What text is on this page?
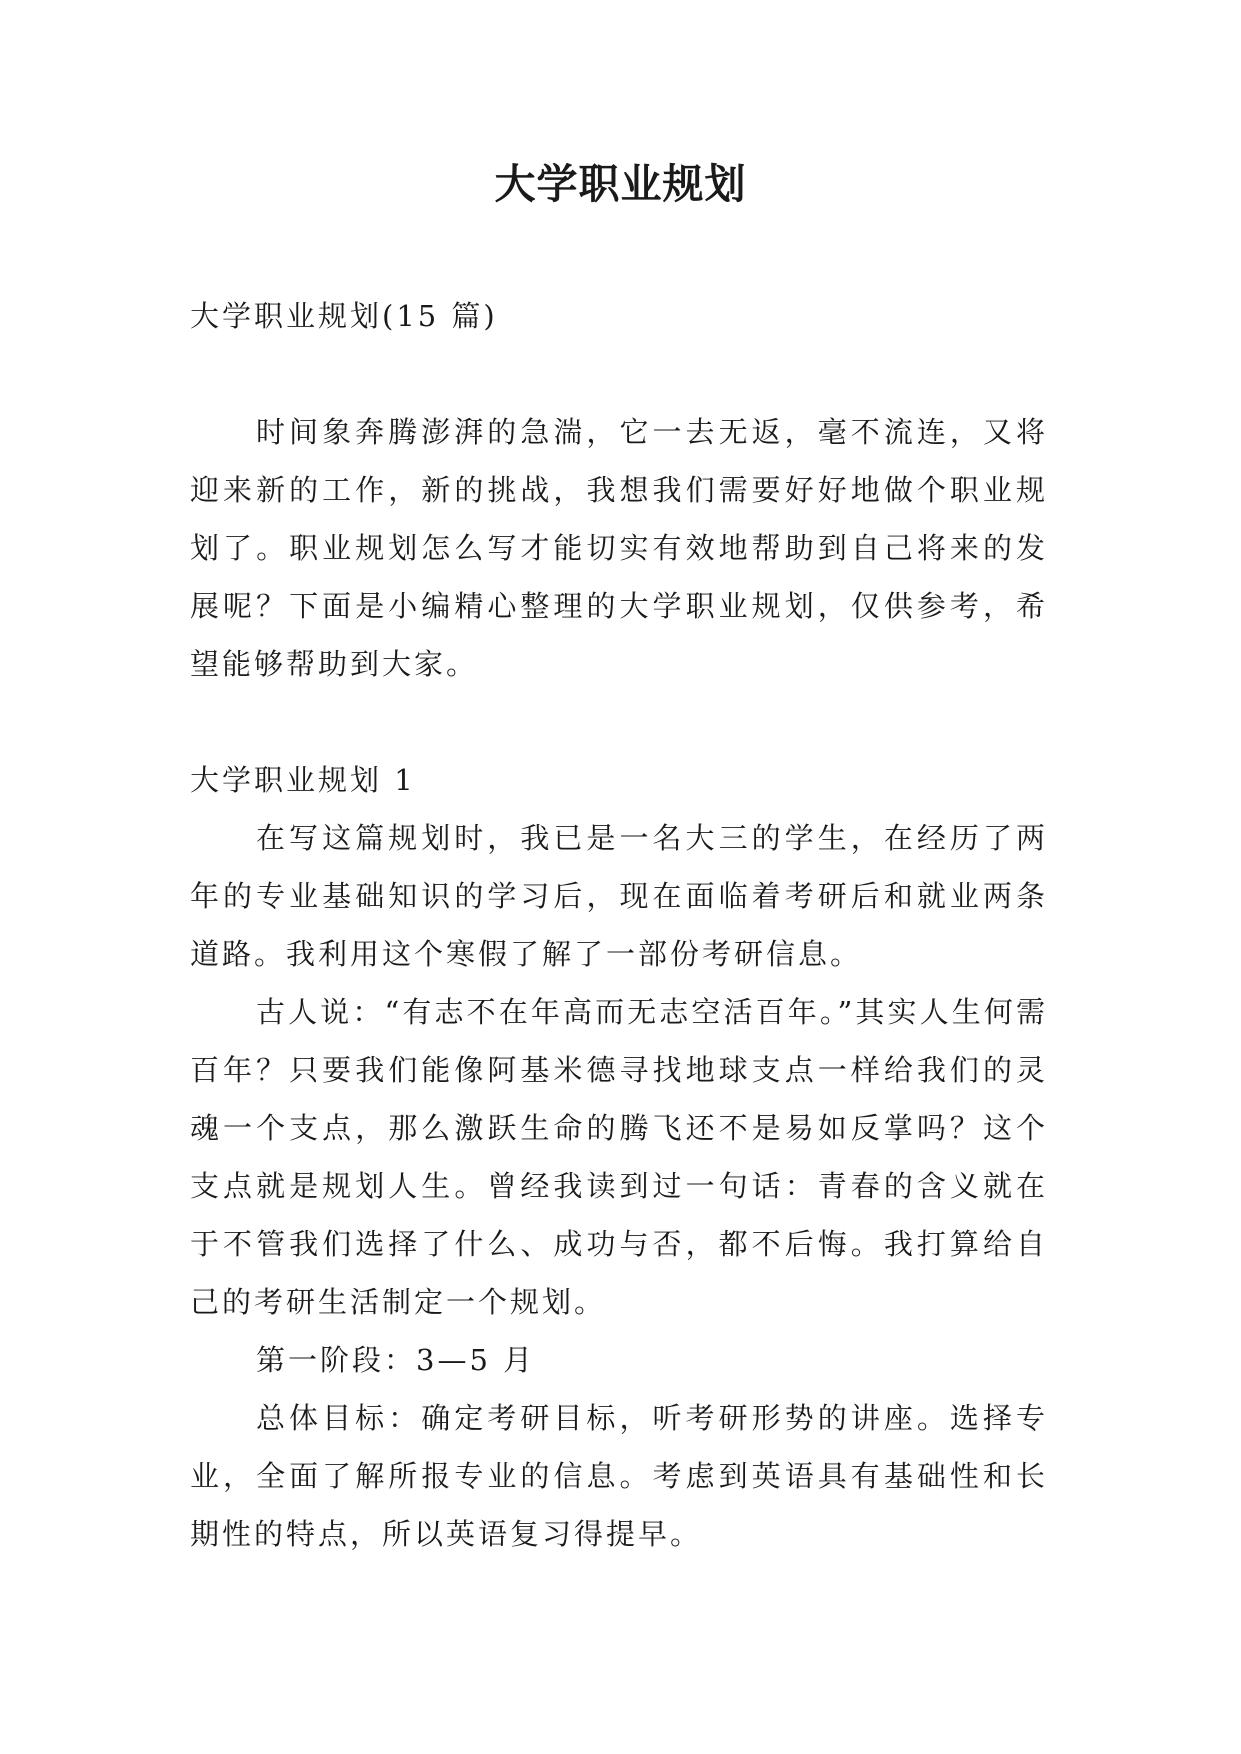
大学职业规划

大学职业规划(15 篇)

时间象奔腾澎湃的急湍，它一去无返，毫不流连，又将迎来新的工作，新的挑战，我想我们需要好好地做个职业规划了。职业规划怎么写才能切实有效地帮助到自己将来的发展呢？下面是小编精心整理的大学职业规划，仅供参考，希望能够帮助到大家。

大学职业规划 1

在写这篇规划时，我已是一名大三的学生，在经历了两年的专业基础知识的学习后，现在面临着考研后和就业两条道路。我利用这个寒假了解了一部份考研信息。

古人说：“有志不在年高而无志空活百年。”其实人生何需百年？只要我们能像阿基米德寻找地球支点一样给我们的灵魂一个支点，那么激跃生命的腾飞还不是易如反掌吗？这个支点就是规划人生。曾经我读到过一句话：青春的含义就在于不管我们选择了什么、成功与否，都不后悔。我打算给自己的考研生活制定一个规划。

第一阶段：3—5 月

总体目标：确定考研目标，听考研形势的讲座。选择专业，全面了解所报专业的信息。考虑到英语具有基础性和长期性的特点，所以英语复习得提早。
